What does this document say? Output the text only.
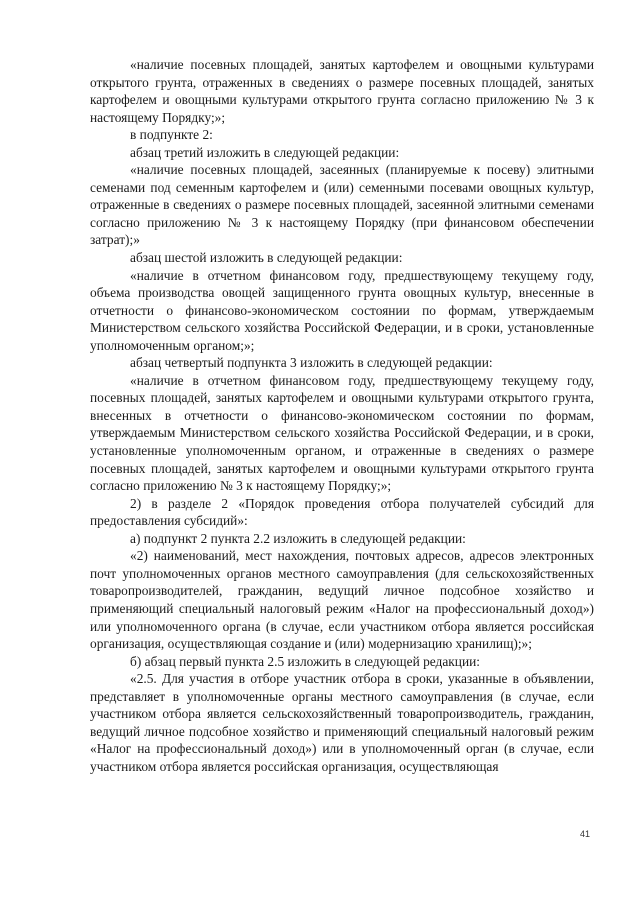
«наличие посевных площадей, занятых картофелем и овощными культурами открытого грунта, отраженных в сведениях о размере посевных площадей, занятых картофелем и овощными культурами открытого грунта согласно приложению № 3 к настоящему Порядку;»;

в подпункте 2:

абзац третий изложить в следующей редакции:

«наличие посевных площадей, засеянных (планируемые к посеву) элитными семенами под семенным картофелем и (или) семенными посевами овощных культур, отраженные в сведениях о размере посевных площадей, засеянной элитными семенами согласно приложению № 3 к настоящему Порядку (при финансовом обеспечении затрат);»

абзац шестой изложить в следующей редакции:

«наличие в отчетном финансовом году, предшествующему текущему году, объема производства овощей защищенного грунта овощных культур, внесенные в отчетности о финансово-экономическом состоянии по формам, утверждаемым Министерством сельского хозяйства Российской Федерации, и в сроки, установленные уполномоченным органом;»;

абзац четвертый подпункта 3 изложить в следующей редакции:

«наличие в отчетном финансовом году, предшествующему текущему году, посевных площадей, занятых картофелем и овощными культурами открытого грунта, внесенных в отчетности о финансово-экономическом состоянии по формам, утверждаемым Министерством сельского хозяйства Российской Федерации, и в сроки, установленные уполномоченным органом, и отраженные в сведениях о размере посевных площадей, занятых картофелем и овощными культурами открытого грунта согласно приложению № 3 к настоящему Порядку;»;

2) в разделе 2 «Порядок проведения отбора получателей субсидий для предоставления субсидий»:

а) подпункт 2 пункта 2.2 изложить в следующей редакции:

«2) наименований, мест нахождения, почтовых адресов, адресов электронных почт уполномоченных органов местного самоуправления (для сельскохозяйственных товаропроизводителей, гражданин, ведущий личное подсобное хозяйство и применяющий специальный налоговый режим «Налог на профессиональный доход») или уполномоченного органа (в случае, если участником отбора является российская организация, осуществляющая создание и (или) модернизацию хранилищ);»;

б) абзац первый пункта 2.5 изложить в следующей редакции:

«2.5. Для участия в отборе участник отбора в сроки, указанные в объявлении, представляет в уполномоченные органы местного самоуправления (в случае, если участником отбора является сельскохозяйственный товаропроизводитель, гражданин, ведущий личное подсобное хозяйство и применяющий специальный налоговый режим «Налог на профессиональный доход») или в уполномоченный орган (в случае, если участником отбора является российская организация, осуществляющая

41
